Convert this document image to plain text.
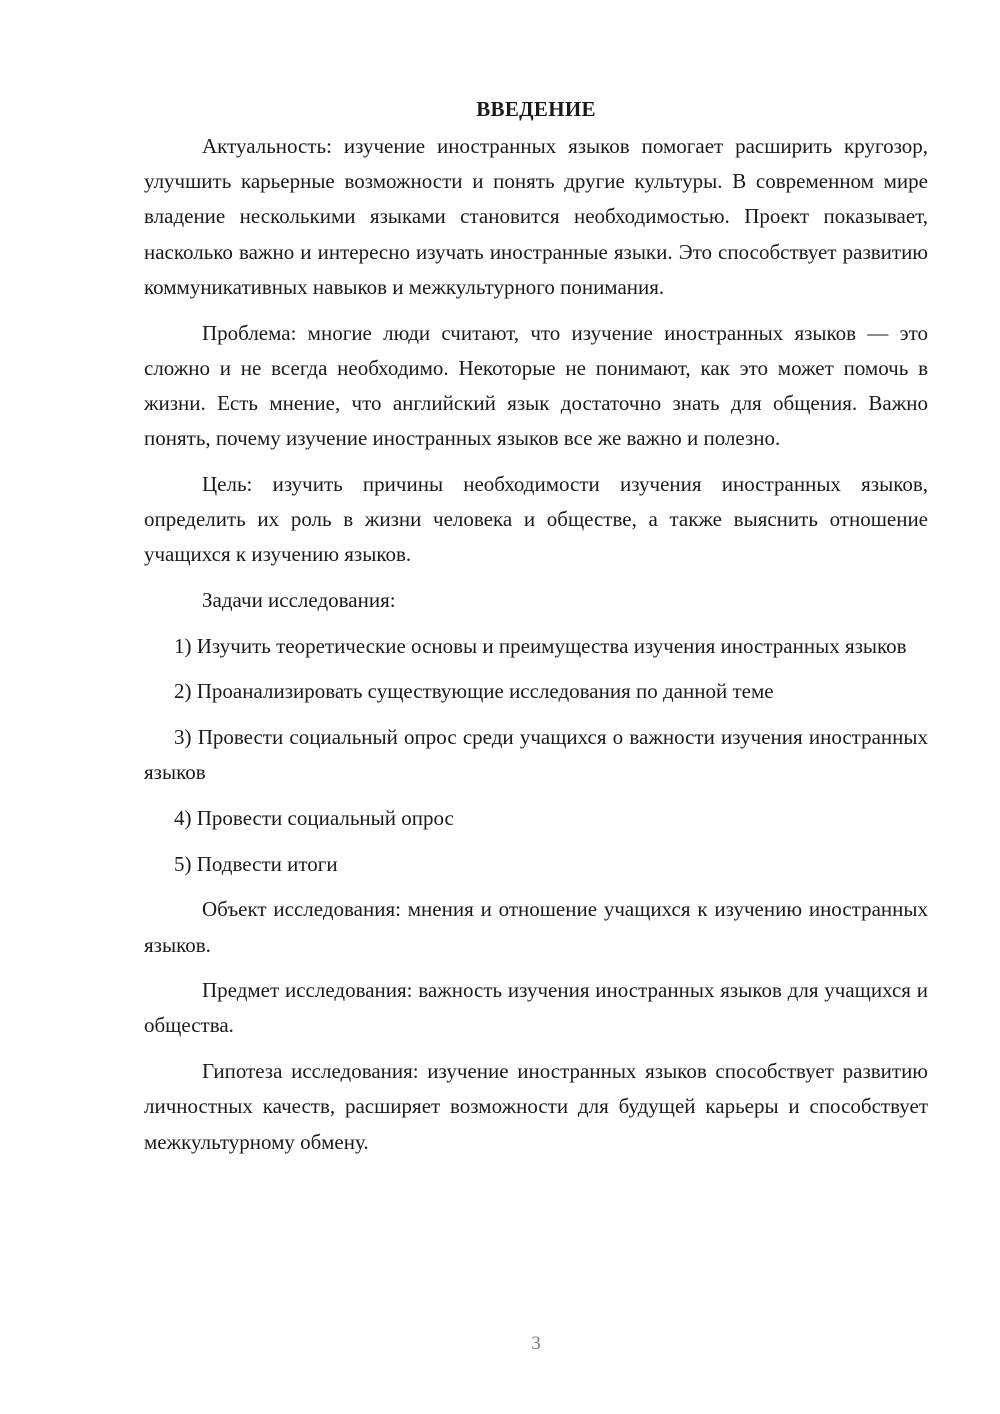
ВВЕДЕНИЕ

Актуальность: изучение иностранных языков помогает расширить кругозор, улучшить карьерные возможности и понять другие культуры. В современном мире владение несколькими языками становится необходимостью. Проект показывает, насколько важно и интересно изучать иностранные языки. Это способствует развитию коммуникативных навыков и межкультурного понимания.

Проблема: многие люди считают, что изучение иностранных языков — это сложно и не всегда необходимо. Некоторые не понимают, как это может помочь в жизни. Есть мнение, что английский язык достаточно знать для общения. Важно понять, почему изучение иностранных языков все же важно и полезно.

Цель: изучить причины необходимости изучения иностранных языков, определить их роль в жизни человека и обществе, а также выяснить отношение учащихся к изучению языков.

Задачи исследования:

1) Изучить теоретические основы и преимущества изучения иностранных языков

2) Проанализировать существующие исследования по данной теме

3) Провести социальный опрос среди учащихся о важности изучения иностранных языков

4) Провести социальный опрос

5) Подвести итоги

Объект исследования: мнения и отношение учащихся к изучению иностранных языков.

Предмет исследования: важность изучения иностранных языков для учащихся и общества.

Гипотеза исследования: изучение иностранных языков способствует развитию личностных качеств, расширяет возможности для будущей карьеры и способствует межкультурному обмену.

3
